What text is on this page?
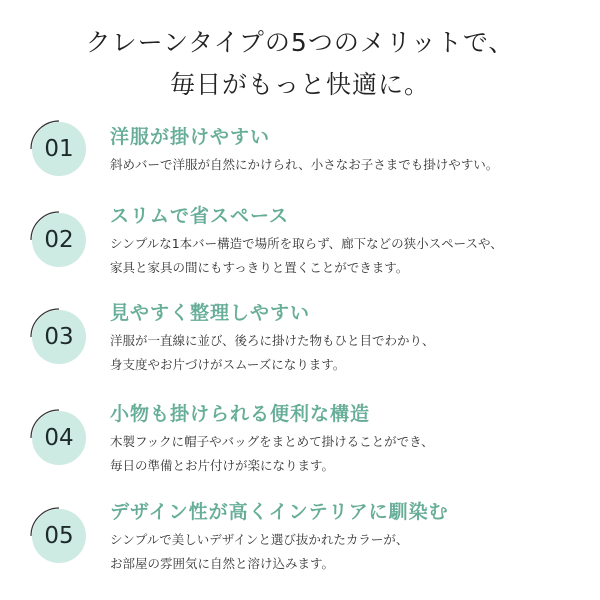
クレーンタイプの5つのメリットで、
毎日がもっと快適に。
01	洋服が掛けやすい
斜めバーで洋服が自然にかけられ、小さなお子さまでも掛けやすい。
02
スリムで省スペース
シンプルな1本バー構造で場所を取らず、廊下などの狭小スペースや、
家具と家具の間にもすっきりと置くことができます。
03
見やすく整理しやすい
洋服が一直線に並び、後ろに掛けた物もひと目でわかり、
身支度やお片づけがスムーズになります。
04
小物も掛けられる便利な構造
木製フックに帽子やバッグをまとめて掛けることができ、
毎日の準備とお片付けが楽になります。
05
デザイン性が高くインテリアに馴染む
シンプルで美しいデザインと選び抜かれたカラーが、
お部屋の雰囲気に自然と溶け込みます。
